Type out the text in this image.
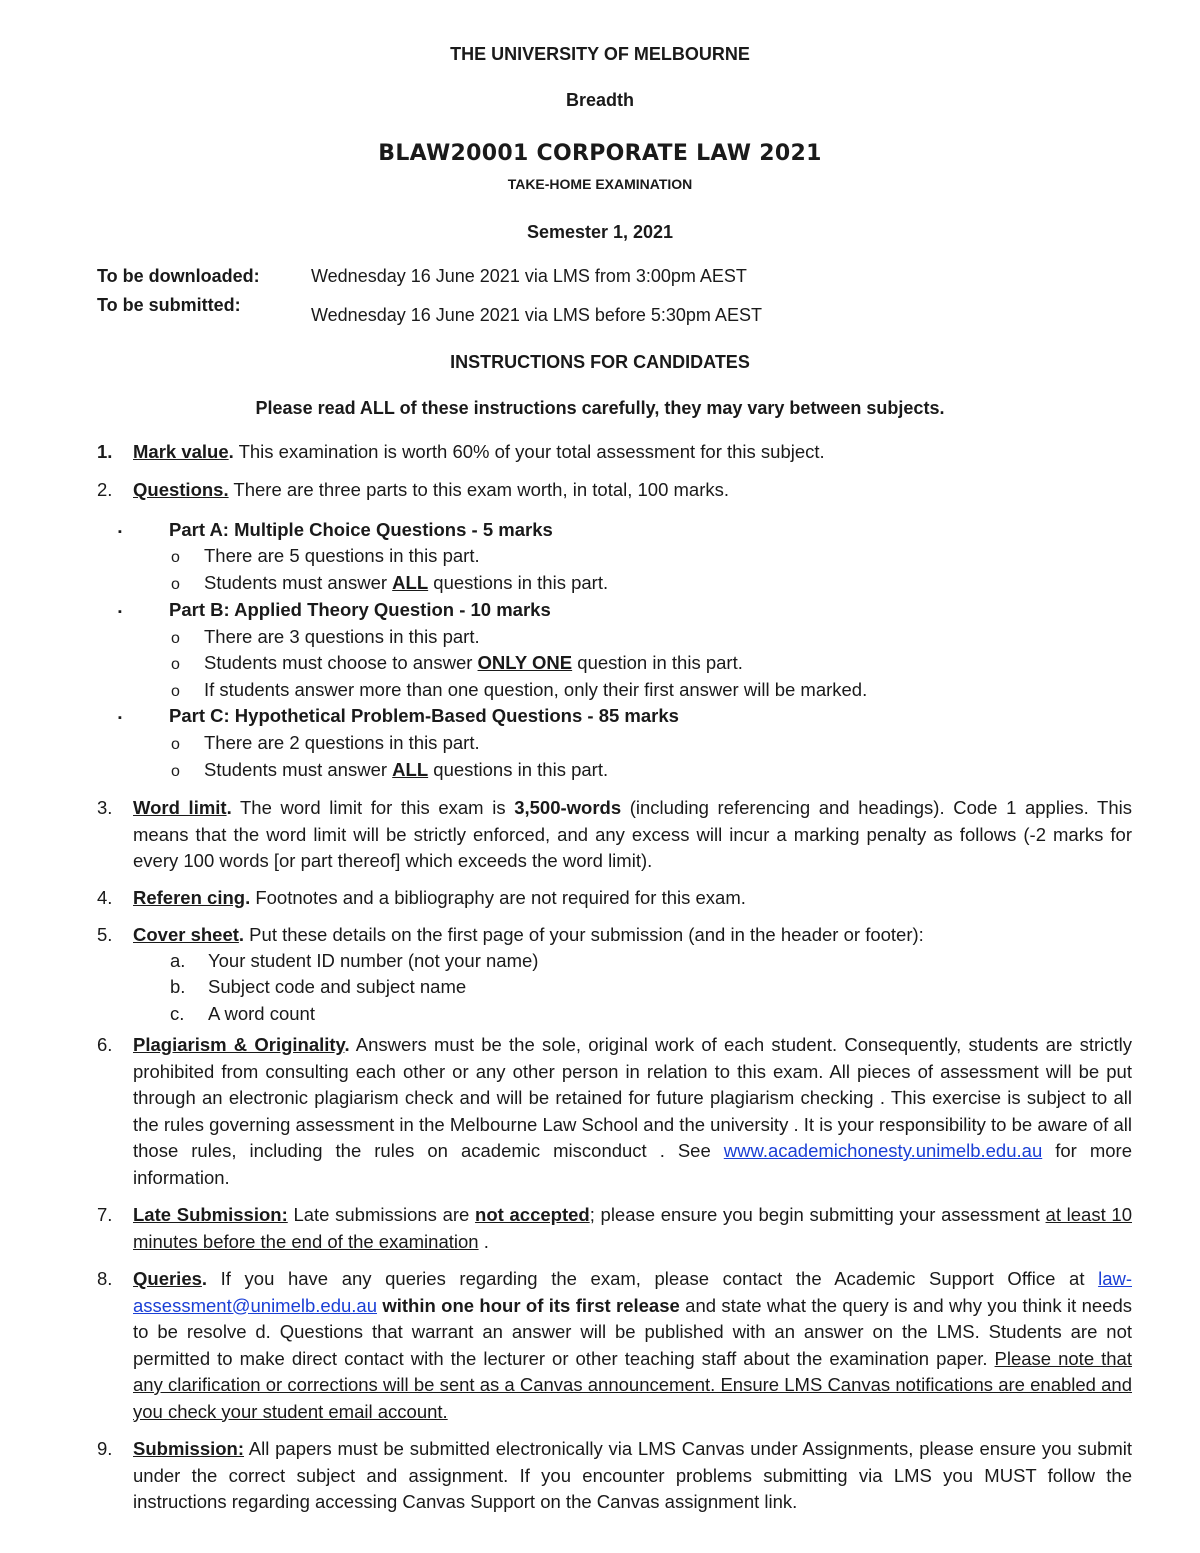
THE UNIVERSITY OF MELBOURNE
Breadth
BLAW20001 CORPORATE LAW 2021
TAKE-HOME EXAMINATION
Semester 1, 2021
To be downloaded:	Wednesday 16 June 2021 via LMS from 3:00pm AEST
To be submitted:	Wednesday 16 June 2021 via LMS before 5:30pm AEST
INSTRUCTIONS FOR CANDIDATES
Please read ALL of these instructions carefully, they may vary between subjects.
1.	Mark value. This examination is worth 60% of your total assessment for this subject.
2.	Questions. There are three parts to this exam worth, in total, 100 marks.
▪	Part A: Multiple Choice Questions - 5 marks
o There are 5 questions in this part.
o Students must answer ALL questions in this part.
▪	Part B: Applied Theory Question - 10 marks
o There are 3 questions in this part.
o Students must choose to answer ONLY ONE question in this part.
o If students answer more than one question, only their first answer will be marked.
▪	Part C: Hypothetical Problem-Based Questions - 85 marks
o There are 2 questions in this part.
o Students must answer ALL questions in this part.
3.	Word limit. The word limit for this exam is 3,500-words (including referencing and headings). Code 1 applies. This means that the word limit will be strictly enforced, and any excess will incur a marking penalty as follows (-2 marks for every 100 words [or part thereof] which exceeds the word limit).
4.	Referen cing. Footnotes and a bibliography are not required for this exam.
5.	Cover sheet. Put these details on the first page of your submission (and in the header or footer):
a. Your student ID number (not your name)
b. Subject code and subject name
c. A word count
6.	Plagiarism & Originality. Answers must be the sole, original work of each student. Consequently, students are strictly prohibited from consulting each other or any other person in relation to this exam. All pieces of assessment will be put through an electronic plagiarism check and will be retained for future plagiarism checking . This exercise is subject to all the rules governing assessment in the Melbourne Law School and the university . It is your responsibility to be aware of all those rules, including the rules on academic misconduct . See www.academichonesty.unimelb.edu.au for more information.
7.	Late Submission: Late submissions are not accepted; please ensure you begin submitting your assessment at least 10 minutes before the end of the examination .
8.	Queries. If you have any queries regarding the exam, please contact the Academic Support Office at law-assessment@unimelb.edu.au within one hour of its first release and state what the query is and why you think it needs to be resolve d. Questions that warrant an answer will be published with an answer on the LMS. Students are not permitted to make direct contact with the lecturer or other teaching staff about the examination paper. Please note that any clarification or corrections will be sent as a Canvas announcement. Ensure LMS Canvas notifications are enabled and you check your student email account.
9.	Submission: All papers must be submitted electronically via LMS Canvas under Assignments, please ensure you submit under the correct subject and assignment. If you encounter problems submitting via LMS you MUST follow the instructions regarding accessing Canvas Support on the Canvas assignment link.
